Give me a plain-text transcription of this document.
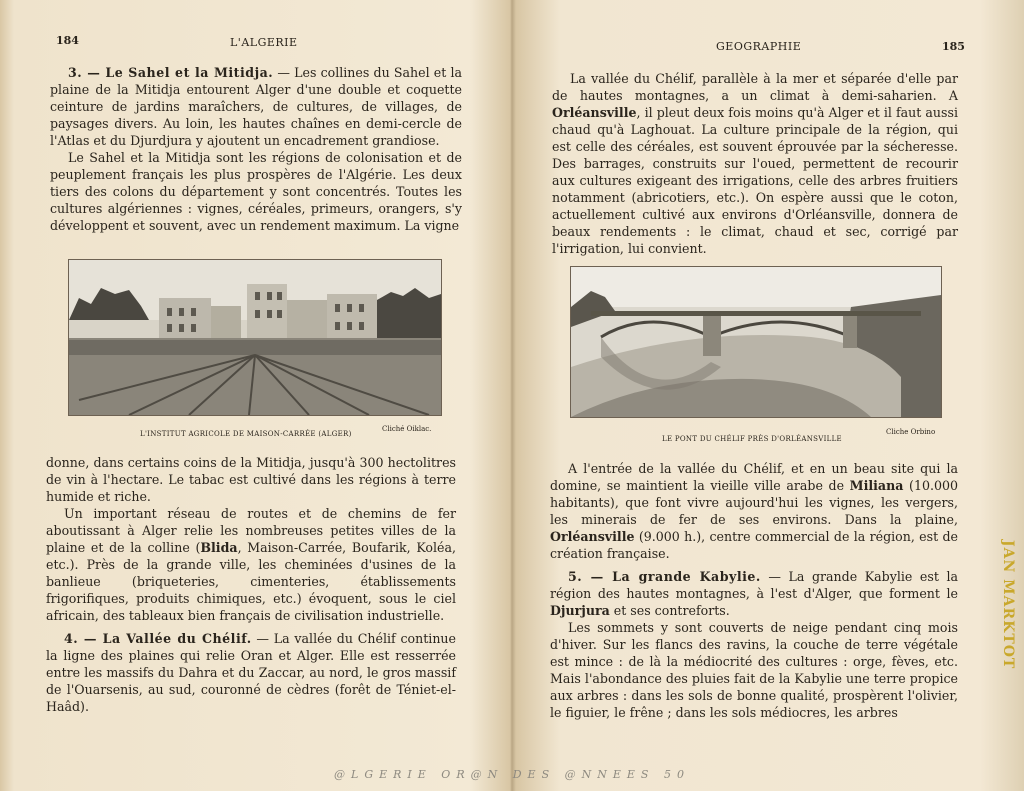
184	L'ALGERIE

3. — Le Sahel et la Mitidja. — Les collines du Sahel et la plaine de la Mitidja entourent Alger d'une double et coquette ceinture de jardins maraîchers, de cultures, de villages, de paysages divers. Au loin, les hautes chaînes en demi-cercle de l'Atlas et du Djurdjura y ajoutent un encadrement grandiose.

Le Sahel et la Mitidja sont les régions de colonisation et de peuplement français les plus prospères de l'Algérie. Les deux tiers des colons du département y sont concentrés. Toutes les cultures algériennes : vignes, céréales, primeurs, orangers, s'y développent et souvent, avec un rendement maximum. La vigne

L'INSTITUT AGRICOLE DE MAISON-CARRÉE (ALGER)
Cliché Oiklac.

donne, dans certains coins de la Mitidja, jusqu'à 300 hectolitres de vin à l'hectare. Le tabac est cultivé dans les régions à terre humide et riche.

Un important réseau de routes et de chemins de fer aboutissant à Alger relie les nombreuses petites villes de la plaine et de la colline (Blida, Maison-Carrée, Boufarik, Koléa, etc.). Près de la grande ville, les cheminées d'usines de la banlieue (briqueteries, cimenteries, établissements frigorifiques, produits chimiques, etc.) évoquent, sous le ciel africain, des tableaux bien français de civilisation industrielle.

4. — La Vallée du Chélif. — La vallée du Chélif continue la ligne des plaines qui relie Oran et Alger. Elle est resserrée entre les massifs du Dahra et du Zaccar, au nord, le gros massif de l'Ouarsenis, au sud, couronné de cèdres (forêt de Téniet-el-Haâd).

GEOGRAPHIE	185

La vallée du Chélif, parallèle à la mer et séparée d'elle par de hautes montagnes, a un climat à demi-saharien. A Orléansville, il pleut deux fois moins qu'à Alger et il faut aussi chaud qu'à Laghouat. La culture principale de la région, qui est celle des céréales, est souvent éprouvée par la sécheresse. Des barrages, construits sur l'oued, permettent de recourir aux cultures exigeant des irrigations, celle des arbres fruitiers notamment (abricotiers, etc.). On espère aussi que le coton, actuellement cultivé aux environs d'Orléansville, donnera de beaux rendements : le climat, chaud et sec, corrigé par l'irrigation, lui convient.

LE PONT DU CHÉLIF PRÈS D'ORLÉANSVILLE
Cliche Orbino

A l'entrée de la vallée du Chélif, et en un beau site qui la domine, se maintient la vieille ville arabe de Miliana (10.000 habitants), que font vivre aujourd'hui les vignes, les vergers, les minerais de fer de ses environs. Dans la plaine, Orléansville (9.000 h.), centre commercial de la région, est de création française.

5. — La grande Kabylie. — La grande Kabylie est la région des hautes montagnes, à l'est d'Alger, que forment le Djurjura et ses contreforts.

Les sommets y sont couverts de neige pendant cinq mois d'hiver. Sur les flancs des ravins, la couche de terre végétale est mince : de là la médiocrité des cultures : orge, fèves, etc. Mais l'abondance des pluies fait de la Kabylie une terre propice aux arbres : dans les sols de bonne qualité, prospèrent l'olivier, le figuier, le frêne ; dans les sols médiocres, les arbres

JAN MARKTOT
@LGERIE OR@N DES @NNEES 50
